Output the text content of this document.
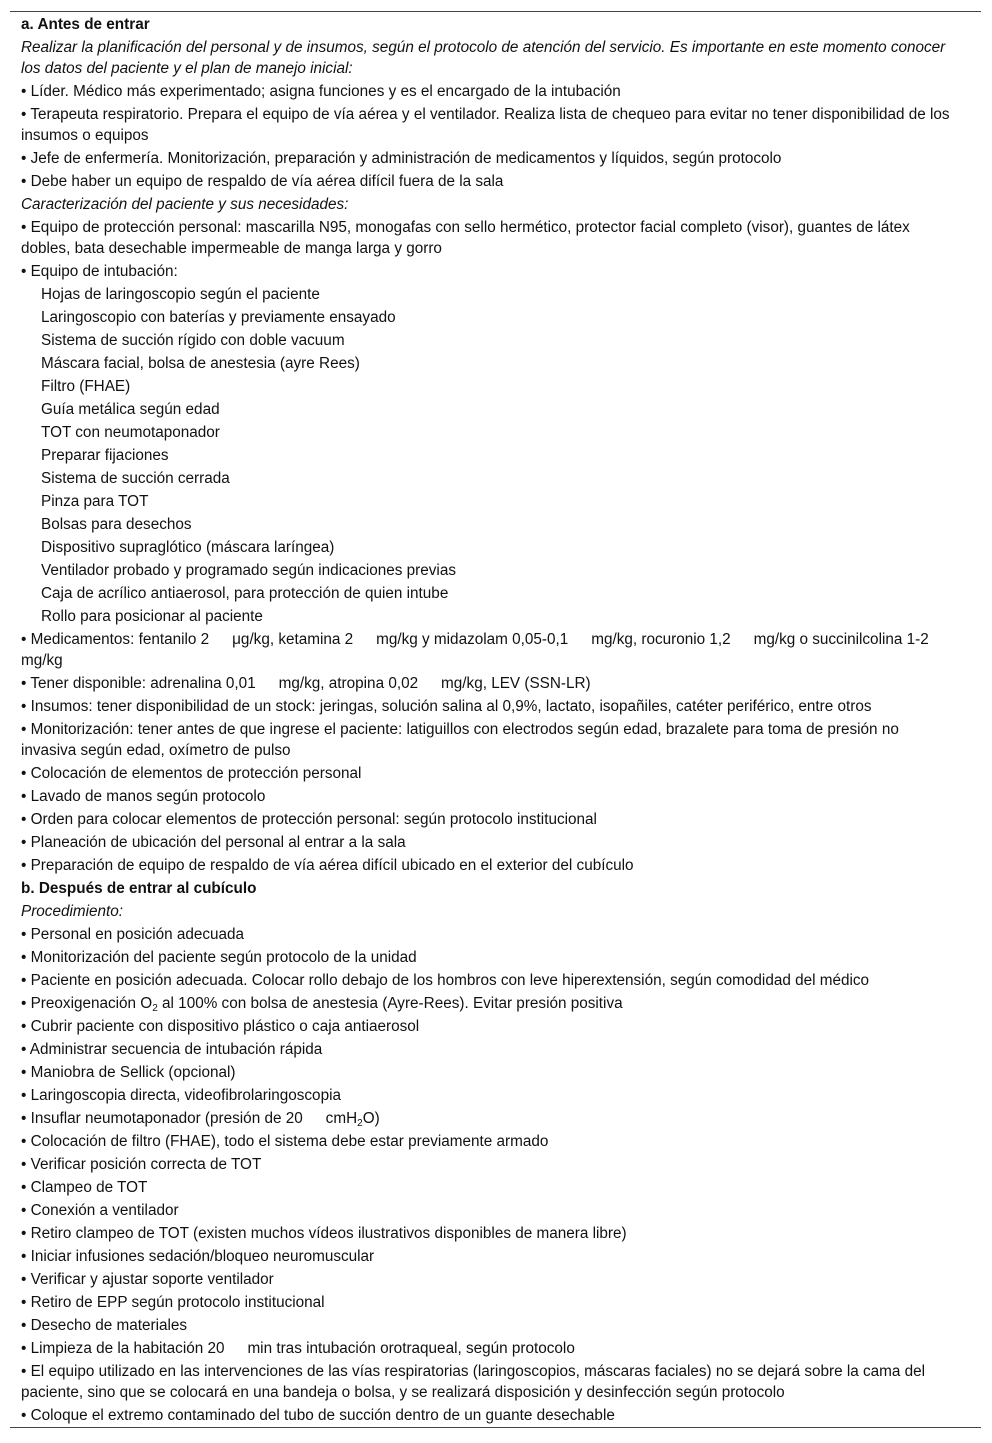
a. Antes de entrar
Realizar la planificación del personal y de insumos, según el protocolo de atención del servicio. Es importante en este momento conocer los datos del paciente y el plan de manejo inicial:
• Líder. Médico más experimentado; asigna funciones y es el encargado de la intubación
• Terapeuta respiratorio. Prepara el equipo de vía aérea y el ventilador. Realiza lista de chequeo para evitar no tener disponibilidad de los insumos o equipos
• Jefe de enfermería. Monitorización, preparación y administración de medicamentos y líquidos, según protocolo
• Debe haber un equipo de respaldo de vía aérea difícil fuera de la sala
Caracterización del paciente y sus necesidades:
• Equipo de protección personal: mascarilla N95, monogafas con sello hermético, protector facial completo (visor), guantes de látex dobles, bata desechable impermeable de manga larga y gorro
• Equipo de intubación:
Hojas de laringoscopio según el paciente
Laringoscopio con baterías y previamente ensayado
Sistema de succión rígido con doble vacuum
Máscara facial, bolsa de anestesia (ayre Rees)
Filtro (FHAE)
Guía metálica según edad
TOT con neumotaponador
Preparar fijaciones
Sistema de succión cerrada
Pinza para TOT
Bolsas para desechos
Dispositivo supraglótico (máscara laríngea)
Ventilador probado y programado según indicaciones previas
Caja de acrílico antiaerosol, para protección de quien intube
Rollo para posicionar al paciente
• Medicamentos: fentanilo 2  μg/kg, ketamina 2  mg/kg y midazolam 0,05-0,1  mg/kg, rocuronio 1,2  mg/kg o succinilcolina 1-2  mg/kg
• Tener disponible: adrenalina 0,01  mg/kg, atropina 0,02  mg/kg, LEV (SSN-LR)
• Insumos: tener disponibilidad de un stock: jeringas, solución salina al 0,9%, lactato, isopañiles, catéter periférico, entre otros
• Monitorización: tener antes de que ingrese el paciente: latiguillos con electrodos según edad, brazalete para toma de presión no invasiva según edad, oxímetro de pulso
• Colocación de elementos de protección personal
• Lavado de manos según protocolo
• Orden para colocar elementos de protección personal: según protocolo institucional
• Planeación de ubicación del personal al entrar a la sala
• Preparación de equipo de respaldo de vía aérea difícil ubicado en el exterior del cubículo
b. Después de entrar al cubículo
Procedimiento:
• Personal en posición adecuada
• Monitorización del paciente según protocolo de la unidad
• Paciente en posición adecuada. Colocar rollo debajo de los hombros con leve hiperextensión, según comodidad del médico
• Preoxigenación $O_2$ al 100% con bolsa de anestesia (Ayre-Rees). Evitar presión positiva
• Cubrir paciente con dispositivo plástico o caja antiaerosol
• Administrar secuencia de intubación rápida
• Maniobra de Sellick (opcional)
• Laringoscopia directa, videofibrolaringoscopia
• Insuflar neumotaponador (presión de 20  cmH$_2$O)
• Colocación de filtro (FHAE), todo el sistema debe estar previamente armado
• Verificar posición correcta de TOT
• Clampeo de TOT
• Conexión a ventilador
• Retiro clampeo de TOT (existen muchos vídeos ilustrativos disponibles de manera libre)
• Iniciar infusiones sedación/bloqueo neuromuscular
• Verificar y ajustar soporte ventilador
• Retiro de EPP según protocolo institucional
• Desecho de materiales
• Limpieza de la habitación 20  min tras intubación orotraqueal, según protocolo
• El equipo utilizado en las intervenciones de las vías respiratorias (laringoscopios, máscaras faciales) no se dejará sobre la cama del paciente, sino que se colocará en una bandeja o bolsa, y se realizará disposición y desinfección según protocolo
• Coloque el extremo contaminado del tubo de succión dentro de un guante desechable
